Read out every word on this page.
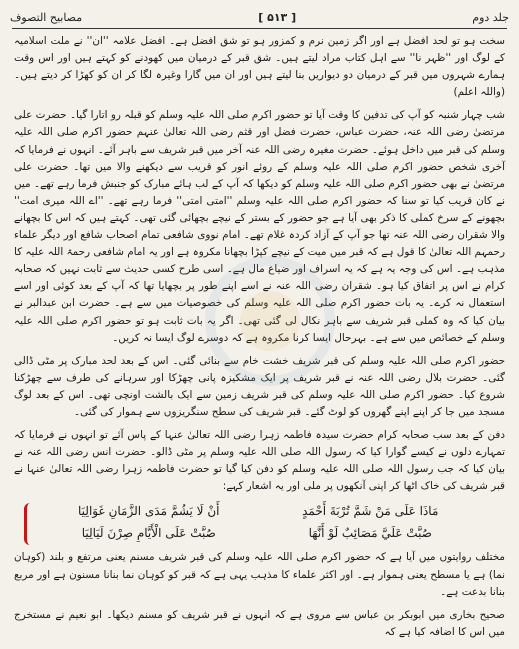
مصابیح التصوف	[ ۵۱۳ ]	جلد دوم

سخت ہو تو لحد افضل ہے اور اگر زمین نرم و کمزور ہو تو شق افضل ہے۔ افضل علامہ ''ان'' نے ملت اسلامیہ کے لوگ اور ''ظہر نا'' سے اہل کتاب مراد لیتے ہیں۔ شق قبر کے درمیان میں کھودنے کو کہتے ہیں اور اس وقت ہمارے شہروں میں قبر کے درمیان دو دیواریں بنا لیتے ہیں اور ان میں گارا وغیرہ لگا کر ان کو کھڑا کر دیتے ہیں۔ (واللہ اعلم)

شب چہار شنبہ کو آپ کی تدفین کا وقت آیا تو حضور اکرم صلی اللہ علیہ وسلم کو قبلہ رو اتارا گیا۔ حضرت علی مرتضیٰ رضی اللہ عنہ، حضرت عباس، حضرت فضل اور قثم رضی اللہ تعالیٰ عنہم حضور اکرم صلی اللہ علیہ وسلم کی قبر میں داخل ہوئے۔ حضرت مغیرہ رضی اللہ عنہ آخر میں قبر شریف سے باہر آئے۔ انہوں نے فرمایا کہ آخری شخص حضور اکرم صلی اللہ علیہ وسلم کے روئے انور کو قریب سے دیکھنے والا میں تھا۔ حضرت علی مرتضیٰ نے بھی حضور اکرم صلی اللہ علیہ وسلم کو دیکھا کہ آپ کے لب ہائے مبارک کو جنبش فرما رہے تھے۔ میں نے کان قریب کیا تو سنا کہ حضور اکرم صلی اللہ علیہ وسلم ''امتی امتی'' فرما رہے تھے۔ ''اے اللہ میری امت'' بچھونے کے سرخ کملی کا ذکر بھی آیا ہے جو حضور کے بستر کے نیچے بچھائی گئی تھی۔ کہتے ہیں کہ اس کا بچھانے والا شقران رضی اللہ عنہ تھا جو آپ کے آزاد کردہ غلام تھے۔ امام نووی شافعی تمام اصحاب شافع اور دیگر علماء رحمہم اللہ تعالیٰ کا قول ہے کہ قبر میں میت کے نیچے کپڑا بچھانا مکروہ ہے اور یہ امام شافعی رحمۃ اللہ علیہ کا مذہب ہے۔ اس کی وجہ یہ ہے کہ یہ اسراف اور ضیاع مال ہے۔ اسی طرح کسی حدیث سے ثابت نہیں کہ صحابہ کرام نے اس پر اتفاق کیا ہو۔ شقران رضی اللہ عنہ نے اسے اپنے طور پر بچھایا تھا کہ آپ کے بعد کوئی اور اسے استعمال نہ کرے۔ یہ بات حضور اکرم صلی اللہ علیہ وسلم کی خصوصیات میں سے ہے۔ حضرت ابن عبدالبر نے بیان کیا کہ وہ کملی قبر شریف سے باہر نکال لی گئی تھی۔ اگر یہ بات ثابت ہو تو حضور اکرم صلی اللہ علیہ وسلم کے خصائص میں سے ہے۔ بہرحال ایسا کرنا مکروہ ہے کہ دوسرے لوگ ایسا نہ کریں۔

حضور اکرم صلی اللہ علیہ وسلم کی قبر شریف خشت خام سے بنائی گئی۔ اس کے بعد لحد مبارک پر مٹی ڈالی گئی۔ حضرت بلال رضی اللہ عنہ نے قبر شریف پر ایک مشکیزہ پانی چھڑکا اور سرہانے کی طرف سے چھڑکنا شروع کیا۔ حضور اکرم صلی اللہ علیہ وسلم کی قبر شریف زمین سے ایک بالشت اونچی تھی۔ اس کے بعد لوگ مسجد میں جا کر اپنے اپنے گھروں کو لوٹ گئے۔ قبر شریف کی سطح سنگریزوں سے ہموار کی گئی۔

دفن کے بعد سب صحابہ کرام حضرت سیدہ فاطمہ زہرا رضی اللہ تعالیٰ عنہا کے پاس آئے تو انہوں نے فرمایا کہ تمہارے دلوں نے کیسے گوارا کیا کہ رسول اللہ صلی اللہ علیہ وسلم پر مٹی ڈالو۔ حضرت انس رضی اللہ عنہ نے بیان کیا کہ جب رسول اللہ صلی اللہ علیہ وسلم کو دفن کیا گیا تو حضرت فاطمہ زہرا رضی اللہ تعالیٰ عنہا نے قبر شریف کی خاک اٹھا کر اپنی آنکھوں پر ملی اور یہ اشعار کہے:

مَاذَا عَلَى مَنْ شَمَّ تُرْبَةَ أَحْمَدٍ
أَنْ لَا يَشُمَّ مَدَى الزَّمَانِ غَوَالِيَا
صُبَّتْ عَلَيَّ مَصَائِبٌ لَوْ أَنَّهَا
صُبَّتْ عَلَى الْأَيَّامِ صِرْنَ لَيَالِيَا

مختلف روایتوں میں آیا ہے کہ حضور اکرم صلی اللہ علیہ وسلم کی قبر شریف مسنم یعنی مرتفع و بلند (کوہان نما) ہے یا مسطح یعنی ہموار ہے۔ اور اکثر علماء کا مذہب یہی ہے کہ قبر کو کوہان نما بنانا مسنون ہے اور مربع بنانا بدعت ہے۔

صحیح بخاری میں ابوبکر بن عباس سے مروی ہے کہ انہوں نے قبر شریف کو مسنم دیکھا۔ ابو نعیم نے مستخرج میں اس کا اضافہ کیا ہے کہ
